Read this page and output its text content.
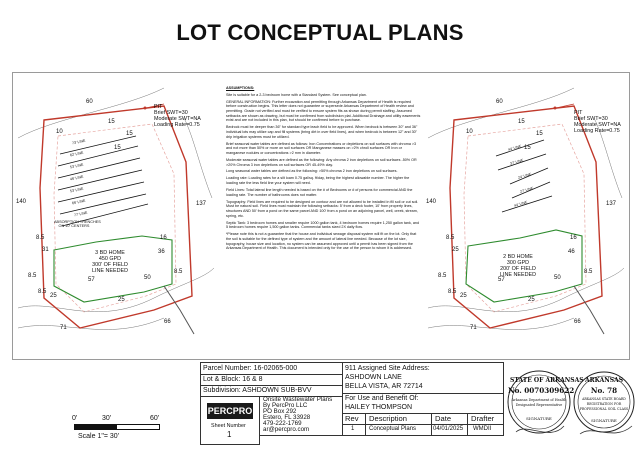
LOT CONCEPTUAL PLANS
PIT
Brief SWT=30
Moderate SWT=NA
Loading Rate=0.75
60
10
15
15
15
140	137
8.5
31
16
36
8.5
8.5
57	50
8.5
25
25
71
66
73' LINE
62' LINE
53' LINE
46' LINE
53' LINE
66' LINE
77' LINE
ABSORPTION TRENCHES
ON 10' CENTERS
3 BD HOME
450 GPD
300' OF FIELD
LINE NEEDED
ASSUMPTIONS:

Site is suitable for a 2-3 bedroom home with a Standard System. See conceptual plan.

GENERAL INFORMATION: Further excavation and permitting through Arkansas Department of Health is required before construction begins. This letter does not guarantee or supersede Arkansas Department of Health review and permitting. Grade not verified and must be verified to ensure system fits as shown during permit staffing. Assumed setbacks are shown as drawing, but must be confirmed from subdivision plat. Additional Drainage and utility easements exist and are not included in this plan, but should be confirmed before to purchase.

Bedrock must be deeper than 36" for standard type leach field to be approved. When bedrock is between 30" and 36" individual lots may utilize cap and fill systems (bring dirt in over field lines), and when bedrock is between 12" and 30" drip irrigation systems must be utilized.

Brief seasonal water tables are defined as follows: Iron Concentrations or depletions on soil surfaces with chroma >3 and not more than 50% or more on soil surfaces OR Manganese masses on >2% chroll surfaces OR Iron or manganese nodules or concentrations >2 mm in diameter.

Moderate seasonal water tables are defined as the following: Any chroma 2 iron depletions on soil surfaces -50% OR >20% Chroma 3 iron depletions on soil surfaces OR 45-49% clay.

Long seasonal water tables are defined as the following: >50% chroma 2 iron depletions on soil surfaces.

Loading rate: Loading rates for a silt loam 0.75 gal/sq. ft/day, being the highest allowable number. The higher the loading rate the less field line your system will need.

Field Lines: Total lateral line length needed is based on the # of Bedrooms or # of persons for commercial AND the loading rate. The number of bathrooms does not matter.

Topography: Field lines are required to be designed on contour and are not allowed to be installed in fill soil or cut soil. Must be natural soil. Field lines must maintain the following setbacks: 5' from a deck footer, 10' from property lines, structures AND 50' from a pond on the same parcel AND 100' from a pond on an adjoining parcel, well, creek, stream, spring, etc.

Septic Tank: 3 bedroom homes and smaller require 1000 gallon tank, 4 bedroom homes require 1,250 gallon tank, and 5 bedroom homes require 1,500 gallon tanks. Commercial tanks sized 2X daily flow.

*Please note this is not a guarantee that the house and individual sewage disposal system will fit on the lot. Only that the soil is suitable for the defined type of system and the amount of lateral line needed. Because of the lot size, topography, house size and location, no system can be assumed approved until a permit has been signed from the Arkansas Department of Health. This document is intended only for the use of the person to whom it is addressed.

PIT
Brief SWT=30
Moderate SWT=NA
Loading Rate=0.75
60
10
15
15
15
140	137
8.5
25
16
46
8.5
8.5
57	50
8.5
25
25
71
66
44' LINE
37' LINE
24' LINE
27' LINE
44' LINE
2 BD HOME
300 GPD
200' OF FIELD
LINE NEEDED
0'	30'	60'
Scale 1"= 30'
Parcel Number: 16-02065-000
Lot & Block: 16 & 8
Subdivision: ASHDOWN SUB-BVV
PERCPRO
Onsite Wastewater Plans
By PercPro LLC
PO Box 292
Estero, FL 33928
479-222-1769
ar@percpro.com
Sheet Number
1
911 Assigned Site Address:
ASHDOWN LANE
BELLA VISTA, AR 72714
For Use and Benefit Of:
HAILEY THOMPSON
Rev Description	Date	Drafter
1 Conceptual Plans	04/01/2025 WMDII
STATE OF ARKANSAS
No. 0070309622
Arkansas Department of Health
Designated Representative
SIGNATURE
ARKANSAS
No. 78
ARKANSAS STATE BOARD
REGISTRATION FOR
PROFESSIONAL SOIL CLASS
SIGNATURE
